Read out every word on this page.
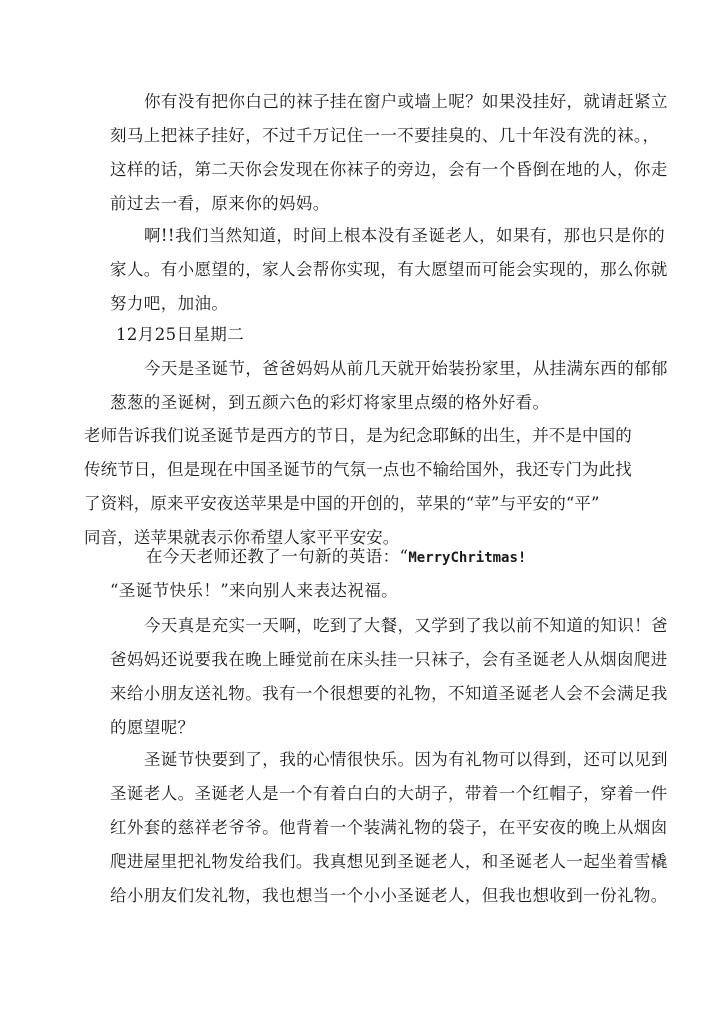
你有没有把你白己的袜子挂在窗户或墙上呢？如果没挂好，就请赶紧立
刻马上把袜子挂好，不过千万记住一一不要挂臭的、几十年没有洗的袜。，
这样的话，第二天你会发现在你袜子的旁边，会有一个昏倒在地的人，你走
前过去一看，原来你的妈妈。
啊!!我们当然知道，时间上根本没有圣诞老人，如果有，那也只是你的
家人。有小愿望的，家人会帮你实现，有大愿望而可能会实现的，那么你就
努力吧，加油。
12月25日星期二
今天是圣诞节，爸爸妈妈从前几天就开始装扮家里，从挂满东西的郁郁
葱葱的圣诞树，到五颜六色的彩灯将家里点缀的格外好看。
老师告诉我们说圣诞节是西方的节日，是为纪念耶稣的出生，并不是中国的
传统节日，但是现在中国圣诞节的气氛一点也不输给国外，我还专门为此找
了资料，原来平安夜送苹果是中国的开创的，苹果的“苹”与平安的“平”
同音，送苹果就表示你希望人家平平安安。
在今天老师还教了一句新的英语：“MerryChritmas!
“圣诞节快乐！”来向别人来表达祝福。
今天真是充实一天啊，吃到了大餐，又学到了我以前不知道的知识！爸
爸妈妈还说要我在晚上睡觉前在床头挂一只袜子，会有圣诞老人从烟囱爬进
来给小朋友送礼物。我有一个很想要的礼物，不知道圣诞老人会不会满足我
的愿望呢？
圣诞节快要到了，我的心情很快乐。因为有礼物可以得到，还可以见到
圣诞老人。圣诞老人是一个有着白白的大胡子，带着一个红帽子，穿着一件
红外套的慈祥老爷爷。他背着一个装满礼物的袋子，在平安夜的晚上从烟囱
爬进屋里把礼物发给我们。我真想见到圣诞老人，和圣诞老人一起坐着雪橇
给小朋友们发礼物，我也想当一个小小圣诞老人，但我也想收到一份礼物。
